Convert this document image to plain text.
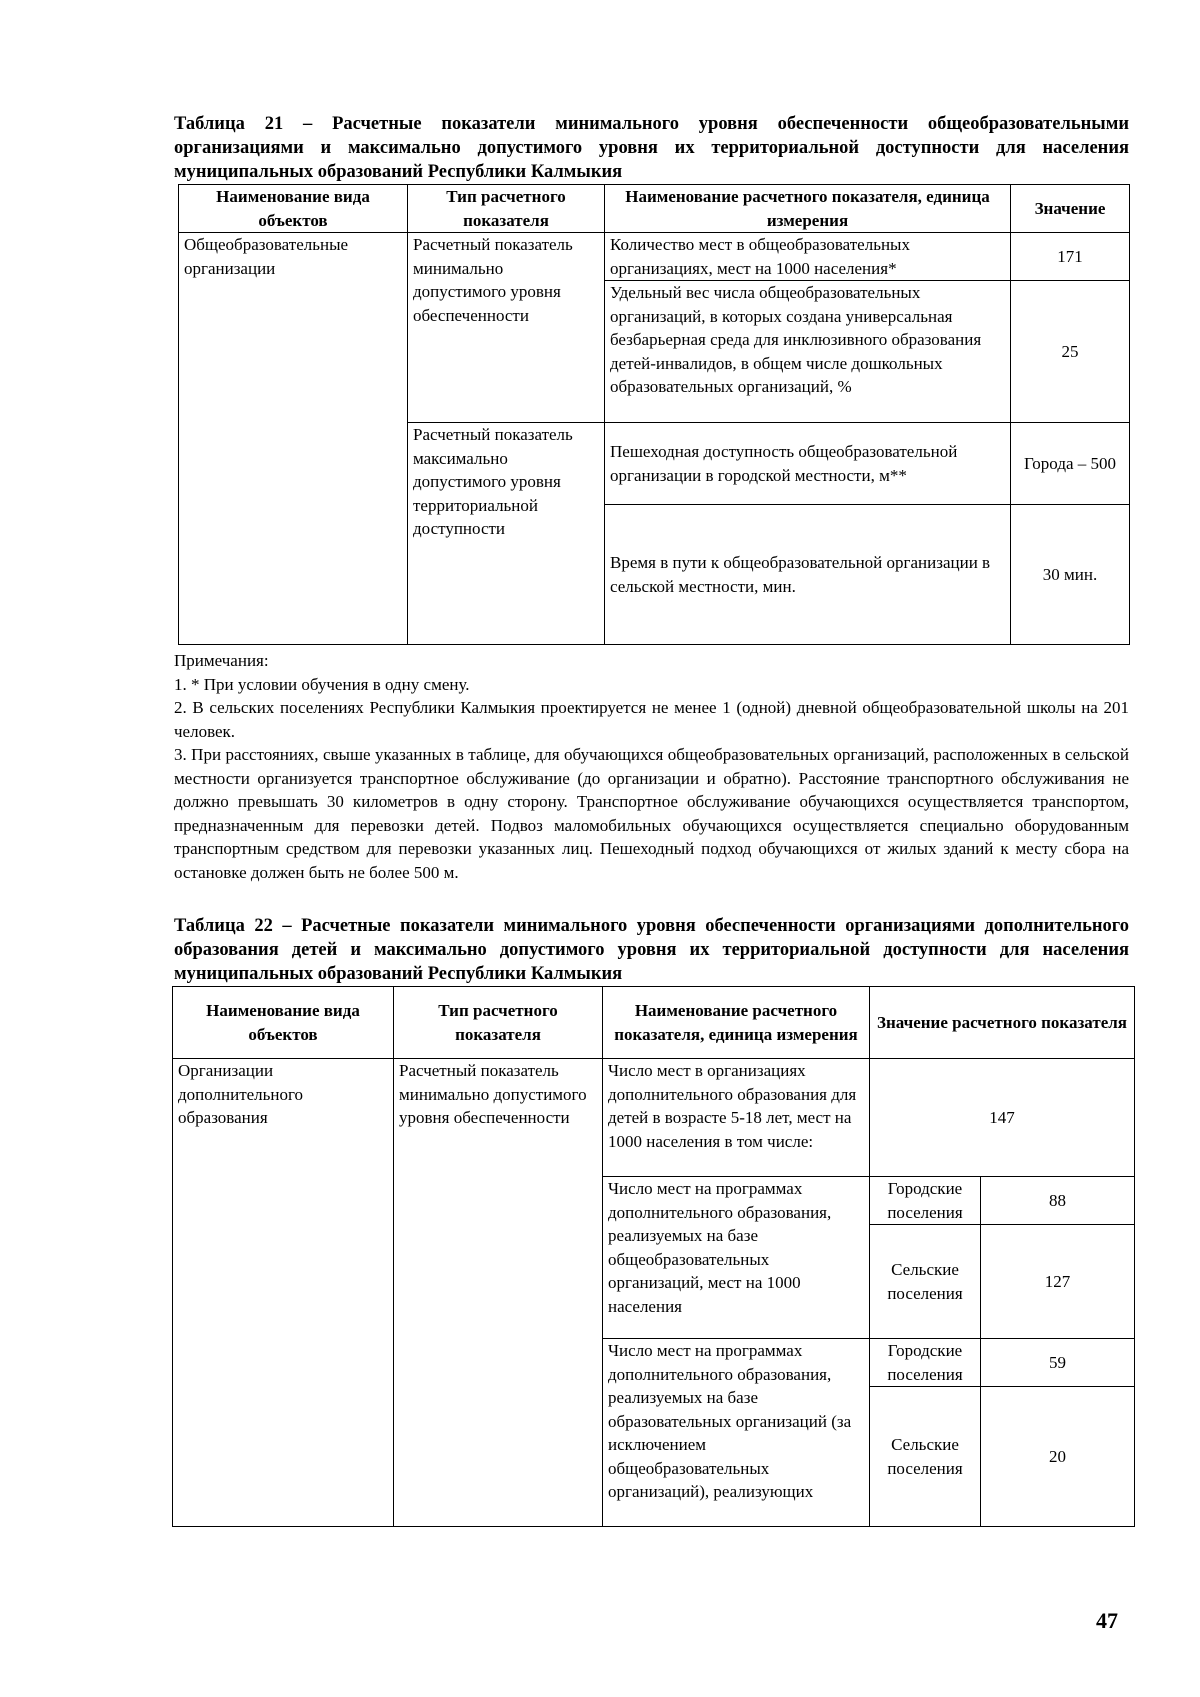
Таблица 21 – Расчетные показатели минимального уровня обеспеченности общеобразовательными организациями и максимально допустимого уровня их территориальной доступности для населения муниципальных образований Республики Калмыкия

Наименование вида объектов	Тип расчетного показателя	Наименование расчетного показателя, единица измерения	Значение
Общеобразовательные организации	Расчетный показатель минимально допустимого уровня обеспеченности	Количество мест в общеобразовательных организациях, мест на 1000 населения*	171
		Удельный вес числа общеобразовательных организаций, в которых создана универсальная безбарьерная среда для инклюзивного образования детей-инвалидов, в общем числе дошкольных образовательных организаций, %	25
	Расчетный показатель максимально допустимого уровня территориальной доступности	Пешеходная доступность общеобразовательной организации в городской местности, м**	Города – 500
		Время в пути к общеобразовательной организации в сельской местности, мин.	30 мин.

Примечания:

1. * При условии обучения в одну смену.

2. В сельских поселениях Республики Калмыкия проектируется не менее 1 (одной) дневной общеобразовательной школы на 201 человек.

3. При расстояниях, свыше указанных в таблице, для обучающихся общеобразовательных организаций, расположенных в сельской местности организуется транспортное обслуживание (до организации и обратно). Расстояние транспортного обслуживания не должно превышать 30 километров в одну сторону. Транспортное обслуживание обучающихся осуществляется транспортом, предназначенным для перевозки детей. Подвоз маломобильных обучающихся осуществляется специально оборудованным транспортным средством для перевозки указанных лиц. Пешеходный подход обучающихся от жилых зданий к месту сбора на остановке должен быть не более 500 м.

Таблица 22 – Расчетные показатели минимального уровня обеспеченности организациями дополнительного образования детей и максимально допустимого уровня их территориальной доступности для населения муниципальных образований Республики Калмыкия

Наименование вида объектов	Тип расчетного показателя	Наименование расчетного показателя, единица измерения	Значение расчетного показателя	
Организации дополнительного образования	Расчетный показатель минимально допустимого уровня обеспеченности	Число мест в организациях дополнительного образования для детей в возрасте 5-18 лет, мест на 1000 населения в том числе:	147	
		Число мест на программах дополнительного образования, реализуемых на базе общеобразовательных организаций, мест на 1000 населения	Городские поселения	88
			Сельские поселения	127
		Число мест на программах дополнительного образования, реализуемых на базе образовательных организаций (за исключением общеобразовательных организаций), реализующих	Городские поселения	59
			Сельские поселения	20
47
